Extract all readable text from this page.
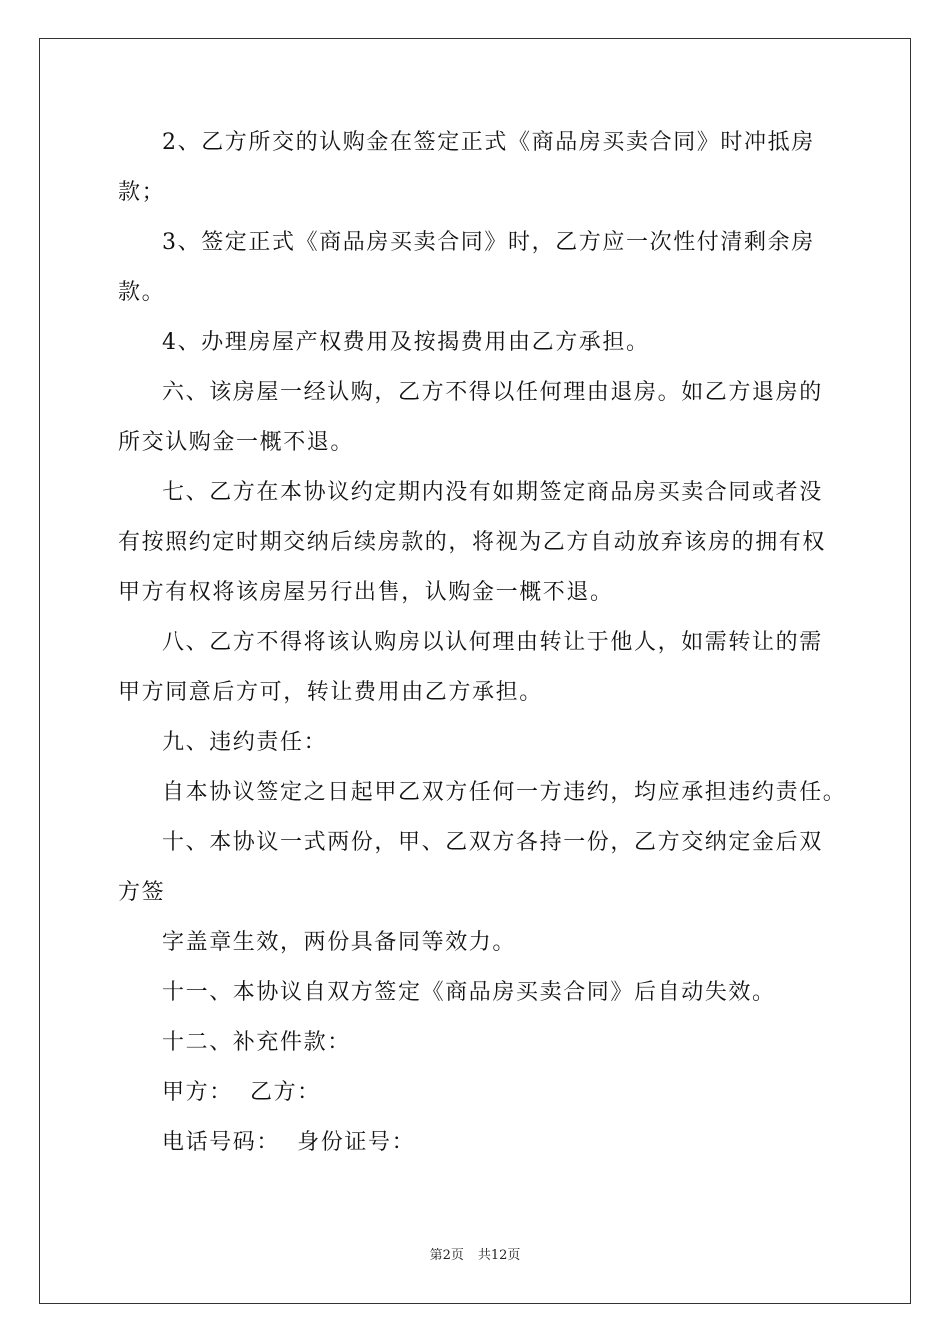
2、乙方所交的认购金在签定正式《商品房买卖合同》时冲抵房
款；
3、签定正式《商品房买卖合同》时，乙方应一次性付清剩余房
款。
4、办理房屋产权费用及按揭费用由乙方承担。
六、该房屋一经认购，乙方不得以任何理由退房。如乙方退房的
所交认购金一概不退。
七、乙方在本协议约定期内没有如期签定商品房买卖合同或者没
有按照约定时期交纳后续房款的，将视为乙方自动放弃该房的拥有权
甲方有权将该房屋另行出售，认购金一概不退。
八、乙方不得将该认购房以认何理由转让于他人，如需转让的需
甲方同意后方可，转让费用由乙方承担。
九、违约责任：
自本协议签定之日起甲乙双方任何一方违约，均应承担违约责任。
十、本协议一式两份，甲、乙双方各持一份，乙方交纳定金后双
方签
字盖章生效，两份具备同等效力。
十一、本协议自双方签定《商品房买卖合同》后自动失效。
十二、补充件款：
甲方：  乙方：
电话号码：  身份证号：
第2页 共12页
